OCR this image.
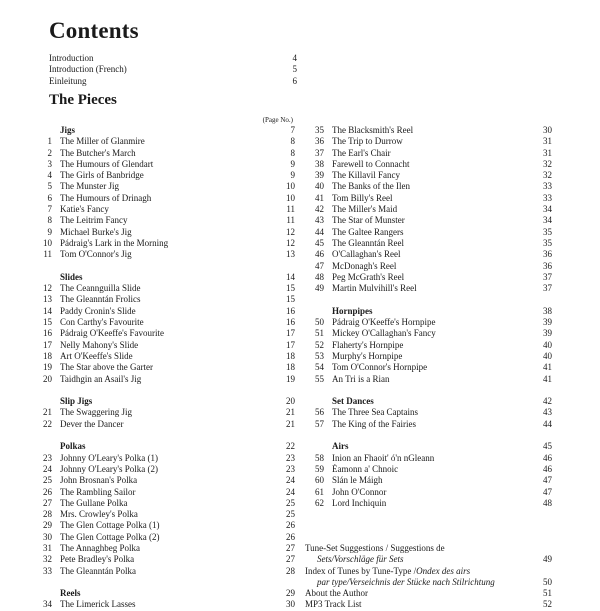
Contents
Introduction	4
Introduction (French)	5
Einleitung	6
The Pieces
(Page No.)
Jigs	7
1 The Miller of Glanmire	8
2 The Butcher's March	8
3 The Humours of Glendart	9
4 The Girls of Banbridge	9
5 The Munster Jig	10
6 The Humours of Drinagh	10
7 Katie's Fancy	11
8 The Leitrim Fancy	11
9 Michael Burke's Jig	12
10 Pádraig's Lark in the Morning	12
11 Tom O'Connor's Jig	13
Slides	14
12 The Ceannguilla Slide	15
13 The Gleanntán Frolics	15
14 Paddy Cronin's Slide	16
15 Con Carthy's Favourite	16
16 Pádraig O'Keeffe's Favourite	17
17 Nelly Mahony's Slide	17
18 Art O'Keeffe's Slide	18
19 The Star above the Garter	18
20 Taidhgin an Asail's Jig	19
Slip Jigs	20
21 The Swaggering Jig	21
22 Dever the Dancer	21
Polkas	22
23 Johnny O'Leary's Polka (1)	23
24 Johnny O'Leary's Polka (2)	23
25 John Brosnan's Polka	24
26 The Rambling Sailor	24
27 The Gullane Polka	25
28 Mrs. Crowley's Polka	25
29 The Glen Cottage Polka (1)	26
30 The Glen Cottage Polka (2)	26
31 The Annaghbeg Polka	27
32 Pete Bradley's Polka	27
33 The Gleanntán Polka	28
Reels	29
34 The Limerick Lasses	30
35 The Blacksmith's Reel	30
36 The Trip to Durrow	31
37 The Earl's Chair	31
38 Farewell to Connacht	32
39 The Killavil Fancy	32
40 The Banks of the Ilen	33
41 Tom Billy's Reel	33
42 The Miller's Maid	34
43 The Star of Munster	34
44 The Galtee Rangers	35
45 The Gleanntán Reel	35
46 O'Callaghan's Reel	36
47 McDonagh's Reel	36
48 Peg McGrath's Reel	37
49 Martin Mulvihill's Reel	37
Hornpipes	38
50 Pádraig O'Keeffe's Hornpipe	39
51 Mickey O'Callaghan's Fancy	39
52 Flaherty's Hornpipe	40
53 Murphy's Hornpipe	40
54 Tom O'Connor's Hornpipe	41
55 An Tri is a Rian	41
Set Dances	42
56 The Three Sea Captains	43
57 The King of the Fairies	44
Airs	45
58 Inion an Fhaoit' ó'n nGleann	46
59 Éamonn a' Chnoic	46
60 Slán le Máigh	47
61 John O'Connor	47
62 Lord Inchiquin	48
Tune-Set Suggestions / Suggestions de
Sets/Vorschläge für Sets	49
Index of Tunes by Tune-Type / Ondex des airs
par type/Verseichnis der Stücke nach Stilrichtung	50
About the Author	51
MP3 Track List	52
